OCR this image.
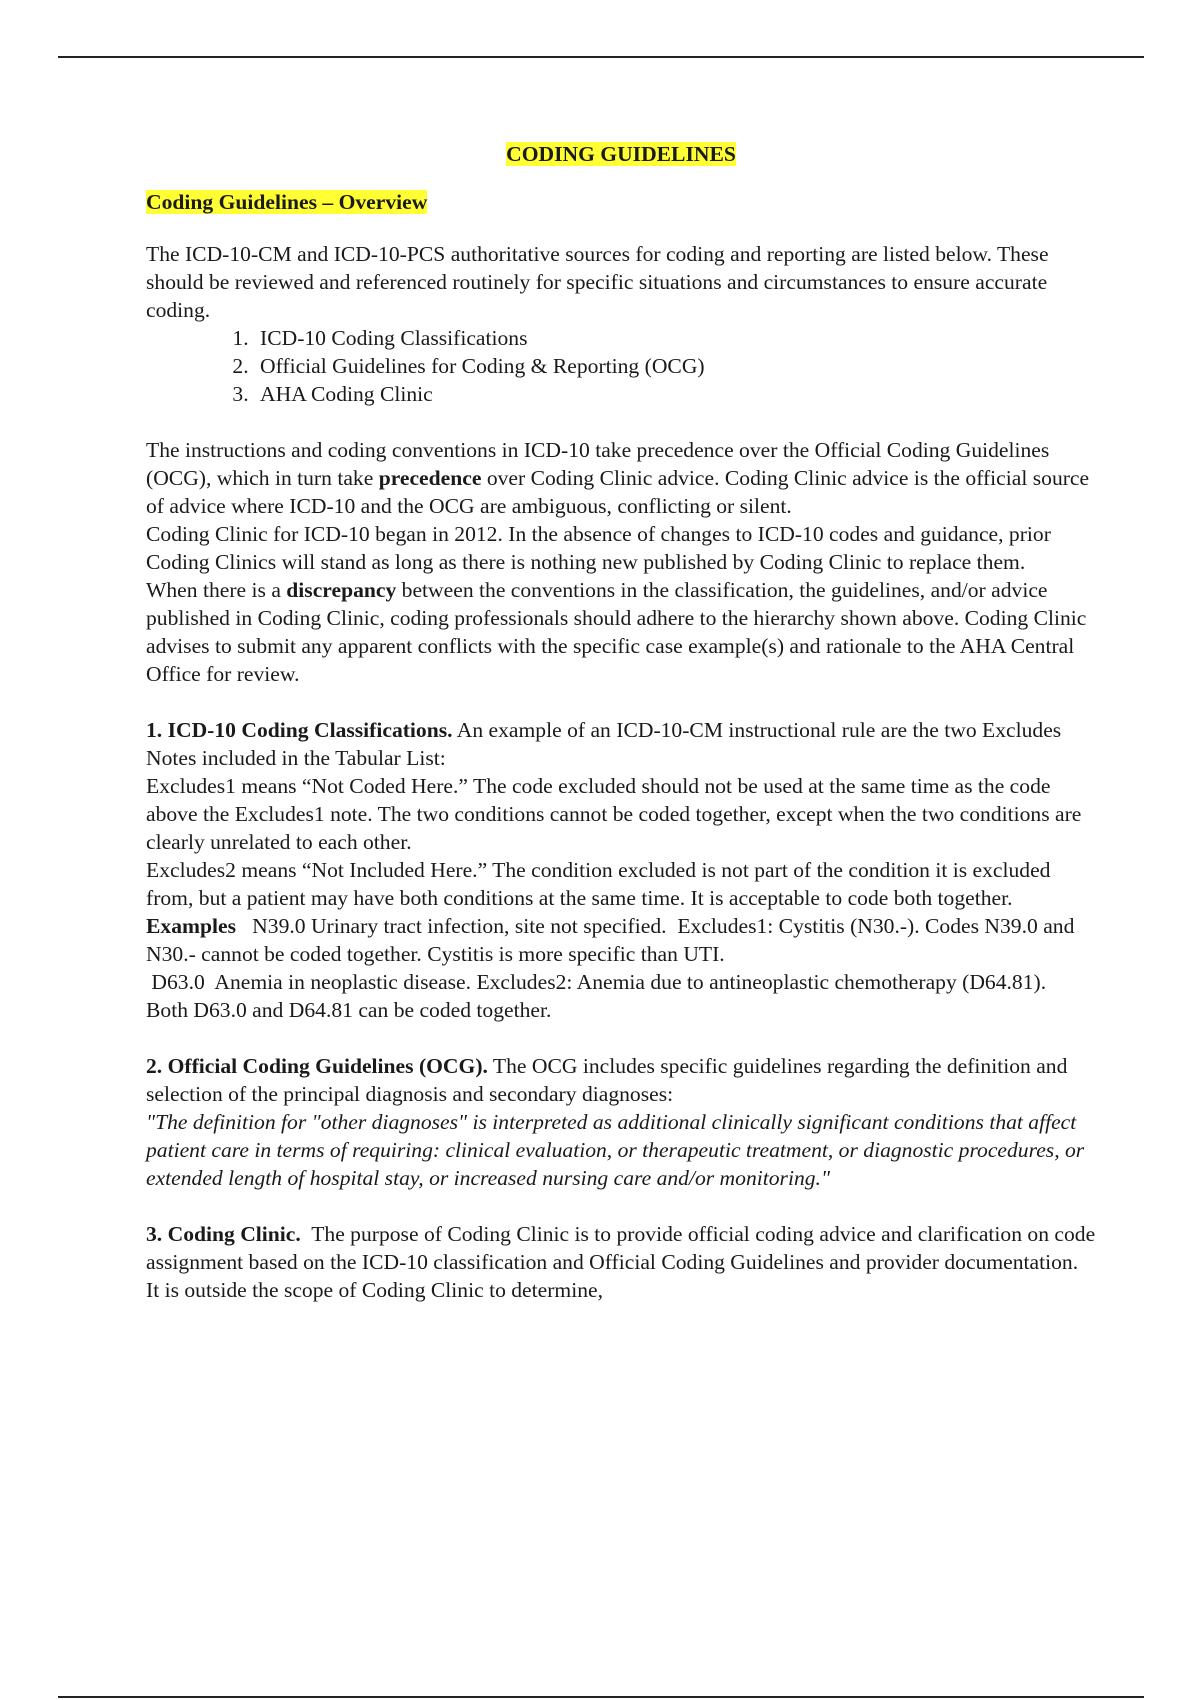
CODING GUIDELINES
Coding Guidelines – Overview

The ICD-10-CM and ICD-10-PCS authoritative sources for coding and reporting are listed below. These should be reviewed and referenced routinely for specific situations and circumstances to ensure accurate coding.

1. ICD-10 Coding Classifications
2. Official Guidelines for Coding & Reporting (OCG)
3. AHA Coding Clinic

The instructions and coding conventions in ICD-10 take precedence over the Official Coding Guidelines (OCG), which in turn take precedence over Coding Clinic advice. Coding Clinic advice is the official source of advice where ICD-10 and the OCG are ambiguous, conflicting or silent.

Coding Clinic for ICD-10 began in 2012. In the absence of changes to ICD-10 codes and guidance, prior Coding Clinics will stand as long as there is nothing new published by Coding Clinic to replace them.

When there is a discrepancy between the conventions in the classification, the guidelines, and/or advice published in Coding Clinic, coding professionals should adhere to the hierarchy shown above. Coding Clinic advises to submit any apparent conflicts with the specific case example(s) and rationale to the AHA Central Office for review.

1. ICD-10 Coding Classifications. An example of an ICD-10-CM instructional rule are the two Excludes Notes included in the Tabular List:

Excludes1 means “Not Coded Here.” The code excluded should not be used at the same time as the code above the Excludes1 note. The two conditions cannot be coded together, except when the two conditions are clearly unrelated to each other.

Excludes2 means “Not Included Here.” The condition excluded is not part of the condition it is excluded from, but a patient may have both conditions at the same time. It is acceptable to code both together.

Examples   N39.0 Urinary tract infection, site not specified.  Excludes1: Cystitis (N30.-). Codes N39.0 and N30.- cannot be coded together. Cystitis is more specific than UTI.

D63.0  Anemia in neoplastic disease. Excludes2: Anemia due to antineoplastic chemotherapy (D64.81).  Both D63.0 and D64.81 can be coded together.

2. Official Coding Guidelines (OCG). The OCG includes specific guidelines regarding the definition and selection of the principal diagnosis and secondary diagnoses:

"The definition for "other diagnoses" is interpreted as additional clinically significant conditions that affect patient care in terms of requiring: clinical evaluation, or therapeutic treatment, or diagnostic procedures, or extended length of hospital stay, or increased nursing care and/or monitoring."

3. Coding Clinic.  The purpose of Coding Clinic is to provide official coding advice and clarification on code assignment based on the ICD-10 classification and Official Coding Guidelines and provider documentation. It is outside the scope of Coding Clinic to determine,
